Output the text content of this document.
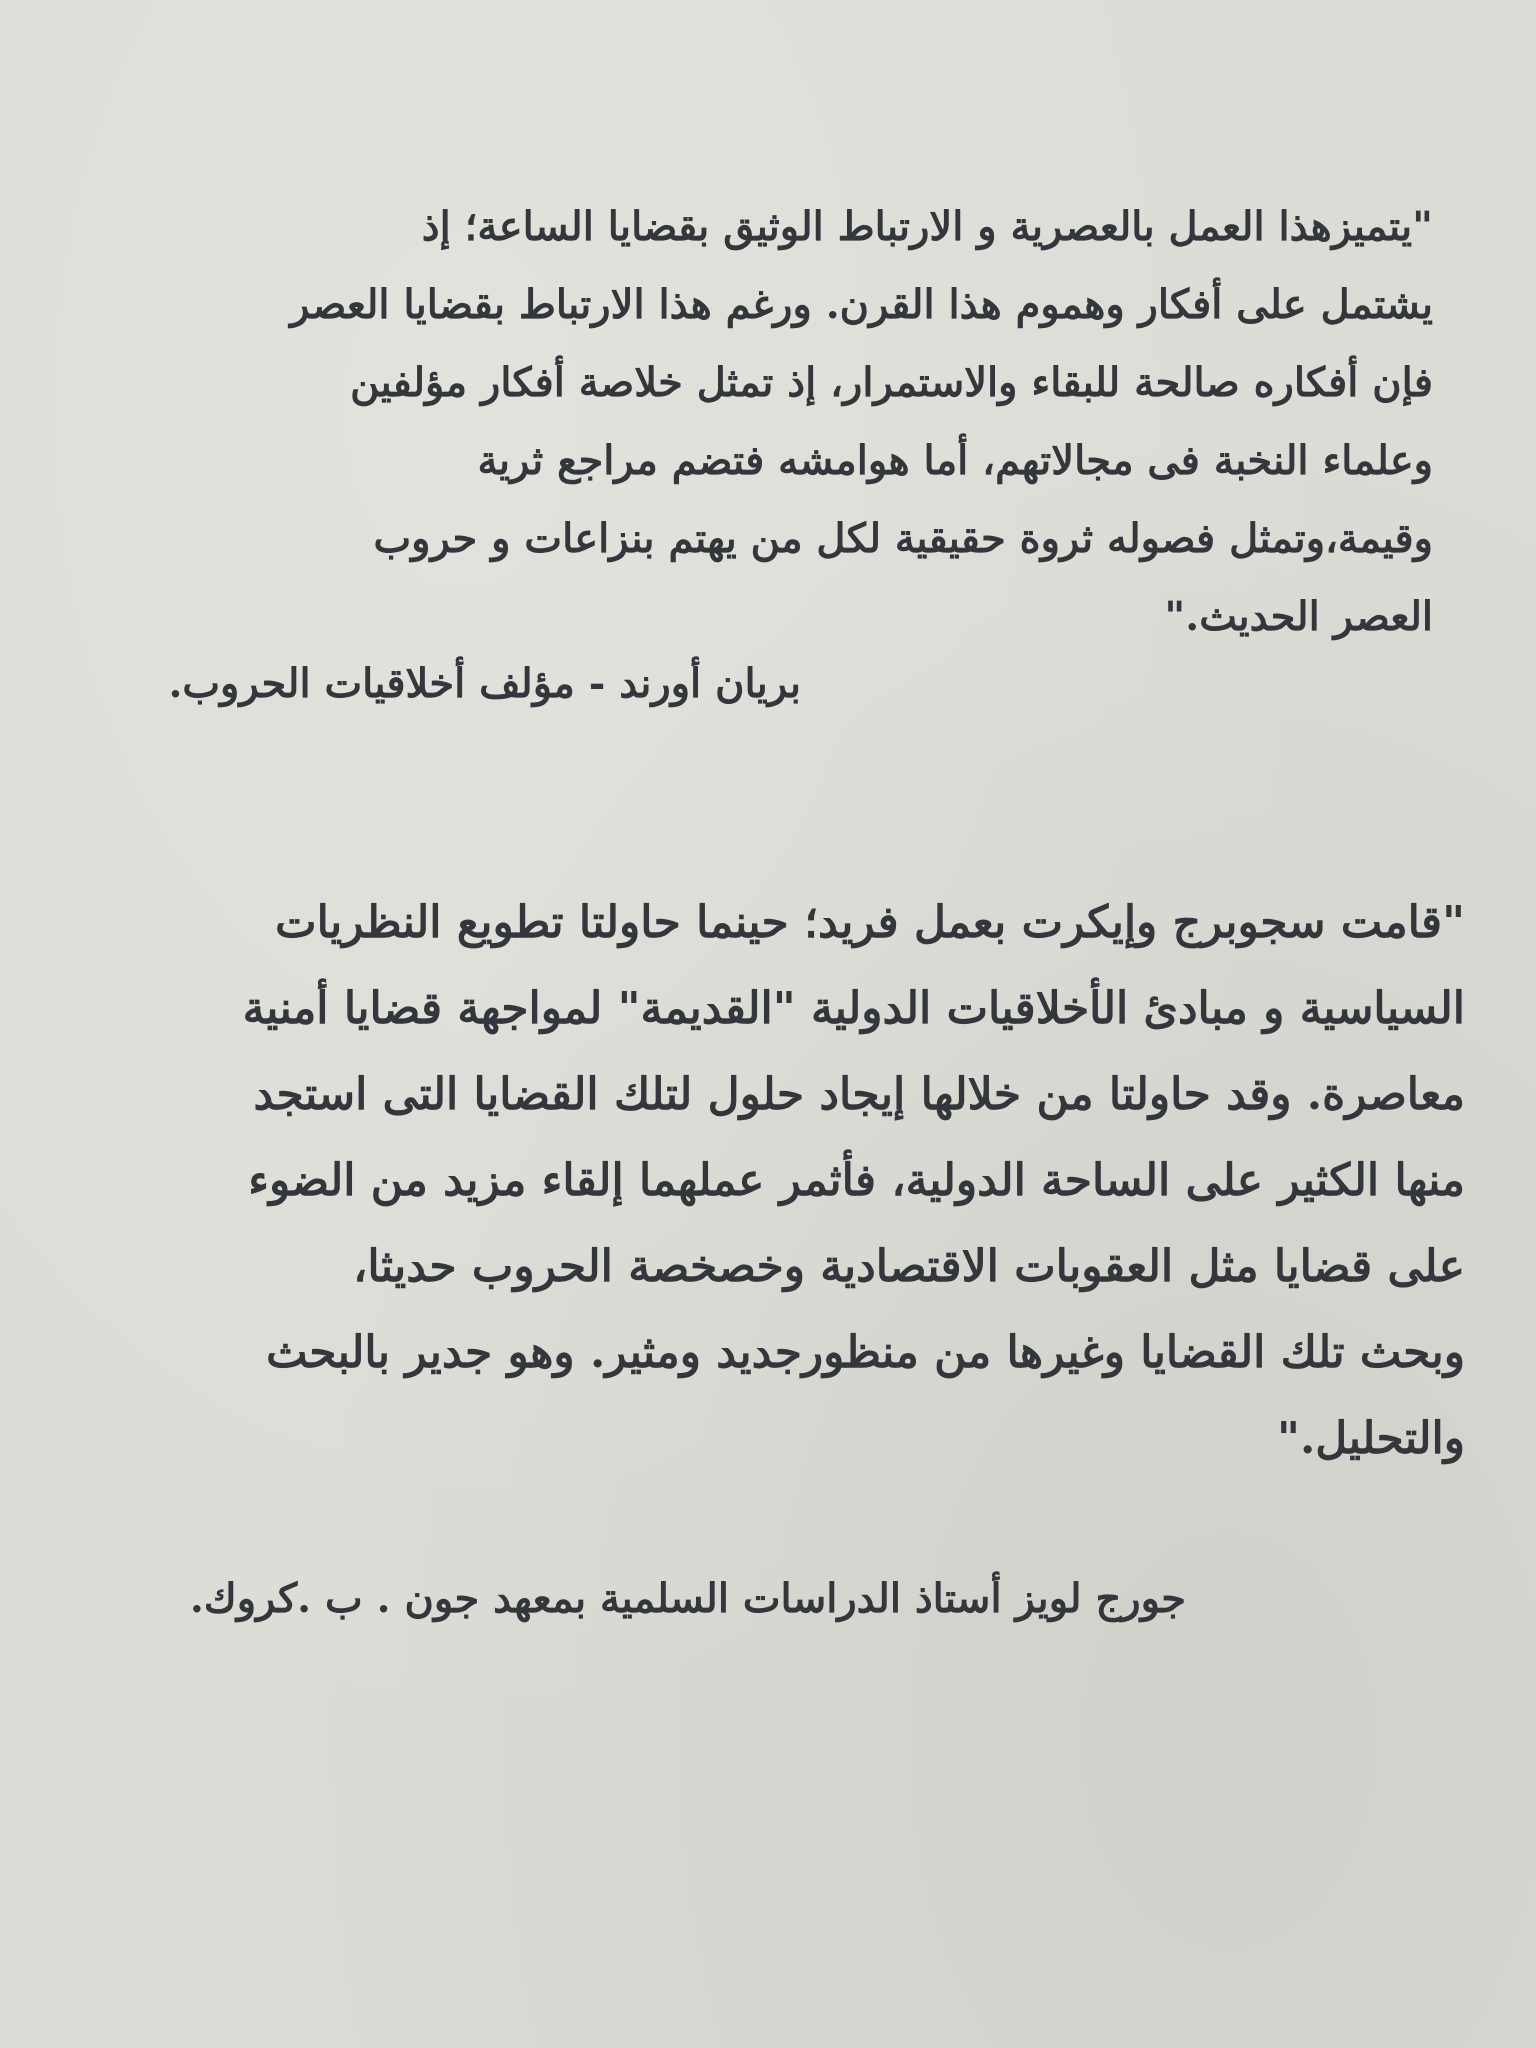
"يتميزهذا العمل بالعصرية و الارتباط الوثيق بقضايا الساعة؛ إذ
يشتمل على أفكار وهموم هذا القرن. ورغم هذا الارتباط بقضايا العصر
فإن أفكاره صالحة للبقاء والاستمرار، إذ تمثل خلاصة أفكار مؤلفين
وعلماء النخبة فى مجالاتهم، أما هوامشه فتضم مراجع ثرية
وقيمة،وتمثل فصوله ثروة حقيقية لكل من يهتم بنزاعات و حروب
العصر الحديث."

بريان أورند - مؤلف أخلاقيات الحروب.

"قامت سجوبرج وإيكرت بعمل فريد؛ حينما حاولتا تطويع النظريات
السياسية و مبادئ الأخلاقيات الدولية "القديمة" لمواجهة قضايا أمنية
معاصرة. وقد حاولتا من خلالها إيجاد حلول لتلك القضايا التى استجد
منها الكثير على الساحة الدولية، فأثمر عملهما إلقاء مزيد من الضوء
على قضايا مثل العقوبات الاقتصادية وخصخصة الحروب حديثا،
وبحث تلك القضايا وغيرها من منظورجديد ومثير. وهو جدير بالبحث
والتحليل."

جورج لويز أستاذ الدراسات السلمية بمعهد جون . ب .كروك.
